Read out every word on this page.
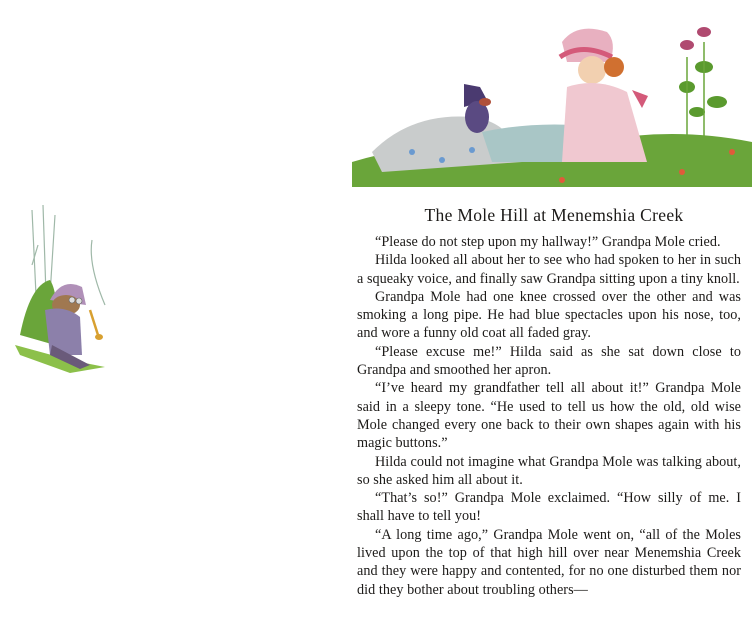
The Mole Hill at Menemshia Creek

“Please do not step upon my hallway!” Grandpa Mole cried.

Hilda looked all about her to see who had spoken to her in such a squeaky voice, and finally saw Grandpa sitting upon a tiny knoll.

Grandpa Mole had one knee crossed over the other and was smoking a long pipe. He had blue spectacles upon his nose, too, and wore a funny old coat all faded gray.

“Please excuse me!” Hilda said as she sat down close to Grandpa and smoothed her apron.

“I’ve heard my grandfather tell all about it!” Grandpa Mole said in a sleepy tone. “He used to tell us how the old, old wise Mole changed every one back to their own shapes again with his magic buttons.”

Hilda could not imagine what Grandpa Mole was talking about, so she asked him all about it.

“That’s so!” Grandpa Mole exclaimed. “How silly of me. I shall have to tell you!

“A long time ago,” Grandpa Mole went on, “all of the Moles lived upon the top of that high hill over near Menemshia Creek and they were happy and contented, for no one disturbed them nor did they bother about troubling others—
